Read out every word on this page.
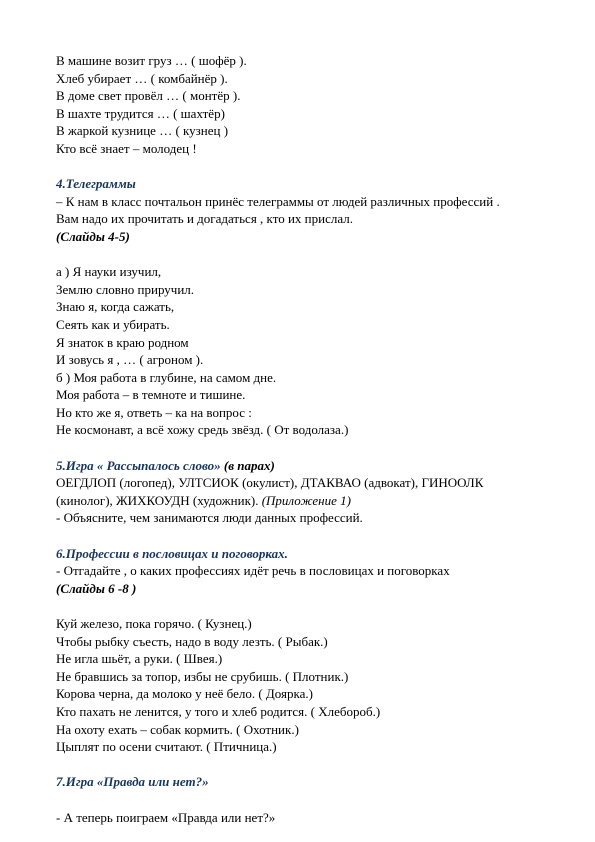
В машине возит груз … ( шофёр ).
Хлеб убирает … ( комбайнёр ).
В доме свет провёл … ( монтёр ).
В шахте трудится … ( шахтёр)
В жаркой кузнице … ( кузнец )
Кто всё знает – молодец !
4.Телеграммы
– К нам в класс почтальон принёс телеграммы от людей различных профессий .
Вам надо их прочитать и догадаться , кто их прислал.
(Слайды 4-5)
а ) Я науки изучил,
Землю словно приручил.
Знаю я, когда сажать,
Сеять как и убирать.
Я знаток в краю родном
И зовусь я , … ( агроном ).
б ) Моя работа в глубине, на самом дне.
Моя работа – в темноте и тишине.
Но кто же я, ответь – ка на вопрос :
Не космонавт, а всё хожу средь звёзд. ( От водолаза.)
5.Игра « Рассыпалось слово» (в парах)
ОЕГДЛОП (логопед), УЛТСИОК (окулист), ДТАКВАО (адвокат), ГИНООЛК
(кинолог), ЖИХКОУДН (художник). (Приложение 1)
- Объясните, чем занимаются люди данных профессий.
6.Профессии в пословицах и поговорках.
- Отгадайте , о каких профессиях идёт речь в пословицах и поговорках
(Слайды 6 -8 )
Куй железо, пока горячо. ( Кузнец.)
Чтобы рыбку съесть, надо в воду лезть. ( Рыбак.)
Не игла шьёт, а руки. ( Швея.)
Не бравшись за топор, избы не срубишь. ( Плотник.)
Корова черна, да молоко у неё бело. ( Доярка.)
Кто пахать не ленится, у того и хлеб родится. ( Хлебороб.)
На охоту ехать – собак кормить. ( Охотник.)
Цыплят по осени считают. ( Птичница.)
7.Игра «Правда или нет?»
- А теперь поиграем «Правда или нет?»
